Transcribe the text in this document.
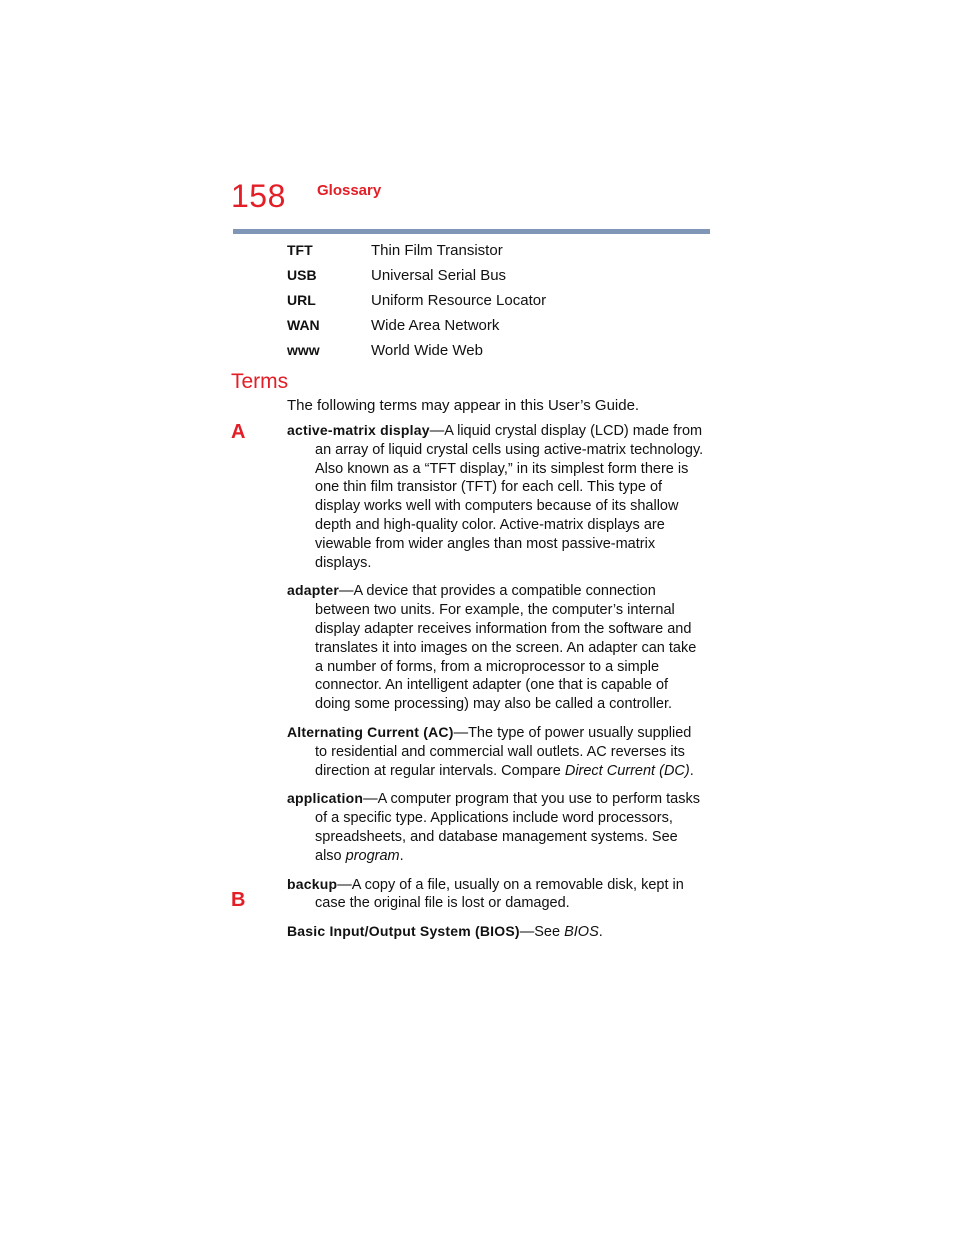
158 Glossary
TFT	Thin Film Transistor
USB	Universal Serial Bus
URL	Uniform Resource Locator
WAN	Wide Area Network
www	World Wide Web
Terms
The following terms may appear in this User’s Guide.
A
B

active-matrix display—A liquid crystal display (LCD) made from an array of liquid crystal cells using active-matrix technology. Also known as a “TFT display,” in its simplest form there is one thin film transistor (TFT) for each cell. This type of display works well with computers because of its shallow depth and high-quality color. Active-matrix displays are viewable from wider angles than most passive-matrix displays.

adapter—A device that provides a compatible connection between two units. For example, the computer’s internal display adapter receives information from the software and translates it into images on the screen. An adapter can take a number of forms, from a microprocessor to a simple connector. An intelligent adapter (one that is capable of doing some processing) may also be called a controller.

Alternating Current (AC)—The type of power usually supplied to residential and commercial wall outlets. AC reverses its direction at regular intervals. Compare Direct Current (DC).

application—A computer program that you use to perform tasks of a specific type. Applications include word processors, spreadsheets, and database management systems. See also program.

backup—A copy of a file, usually on a removable disk, kept in case the original file is lost or damaged.

Basic Input/Output System (BIOS)—See BIOS.
